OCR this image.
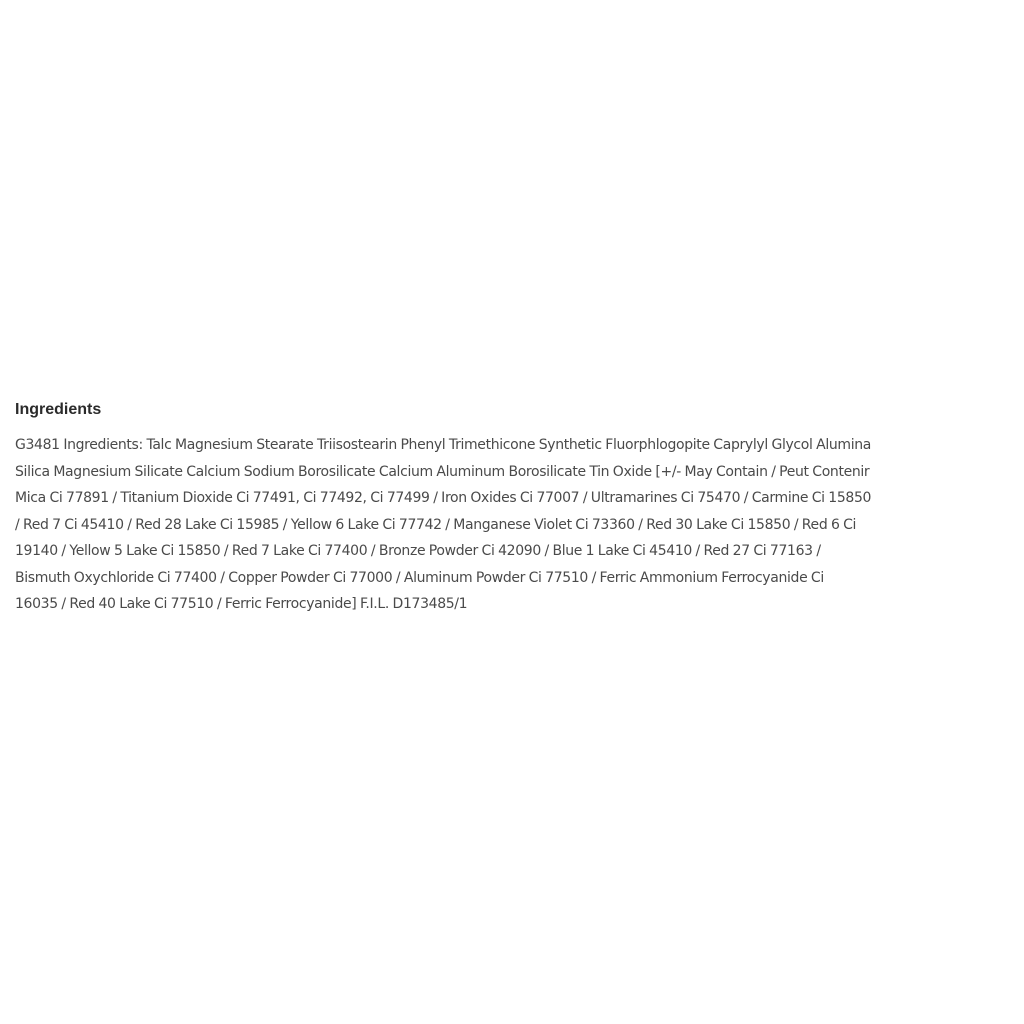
Ingredients
G3481 Ingredients: Talc Magnesium Stearate Triisostearin Phenyl Trimethicone Synthetic Fluorphlogopite Caprylyl Glycol Alumina
Silica Magnesium Silicate Calcium Sodium Borosilicate Calcium Aluminum Borosilicate Tin Oxide [+/- May Contain / Peut Contenir
Mica Ci 77891 / Titanium Dioxide Ci 77491, Ci 77492, Ci 77499 / Iron Oxides Ci 77007 / Ultramarines Ci 75470 / Carmine Ci 15850
/ Red 7 Ci 45410 / Red 28 Lake Ci 15985 / Yellow 6 Lake Ci 77742 / Manganese Violet Ci 73360 / Red 30 Lake Ci 15850 / Red 6 Ci
19140 / Yellow 5 Lake Ci 15850 / Red 7 Lake Ci 77400 / Bronze Powder Ci 42090 / Blue 1 Lake Ci 45410 / Red 27 Ci 77163 /
Bismuth Oxychloride Ci 77400 / Copper Powder Ci 77000 / Aluminum Powder Ci 77510 / Ferric Ammonium Ferrocyanide Ci
16035 / Red 40 Lake Ci 77510 / Ferric Ferrocyanide] F.I.L. D173485/1
